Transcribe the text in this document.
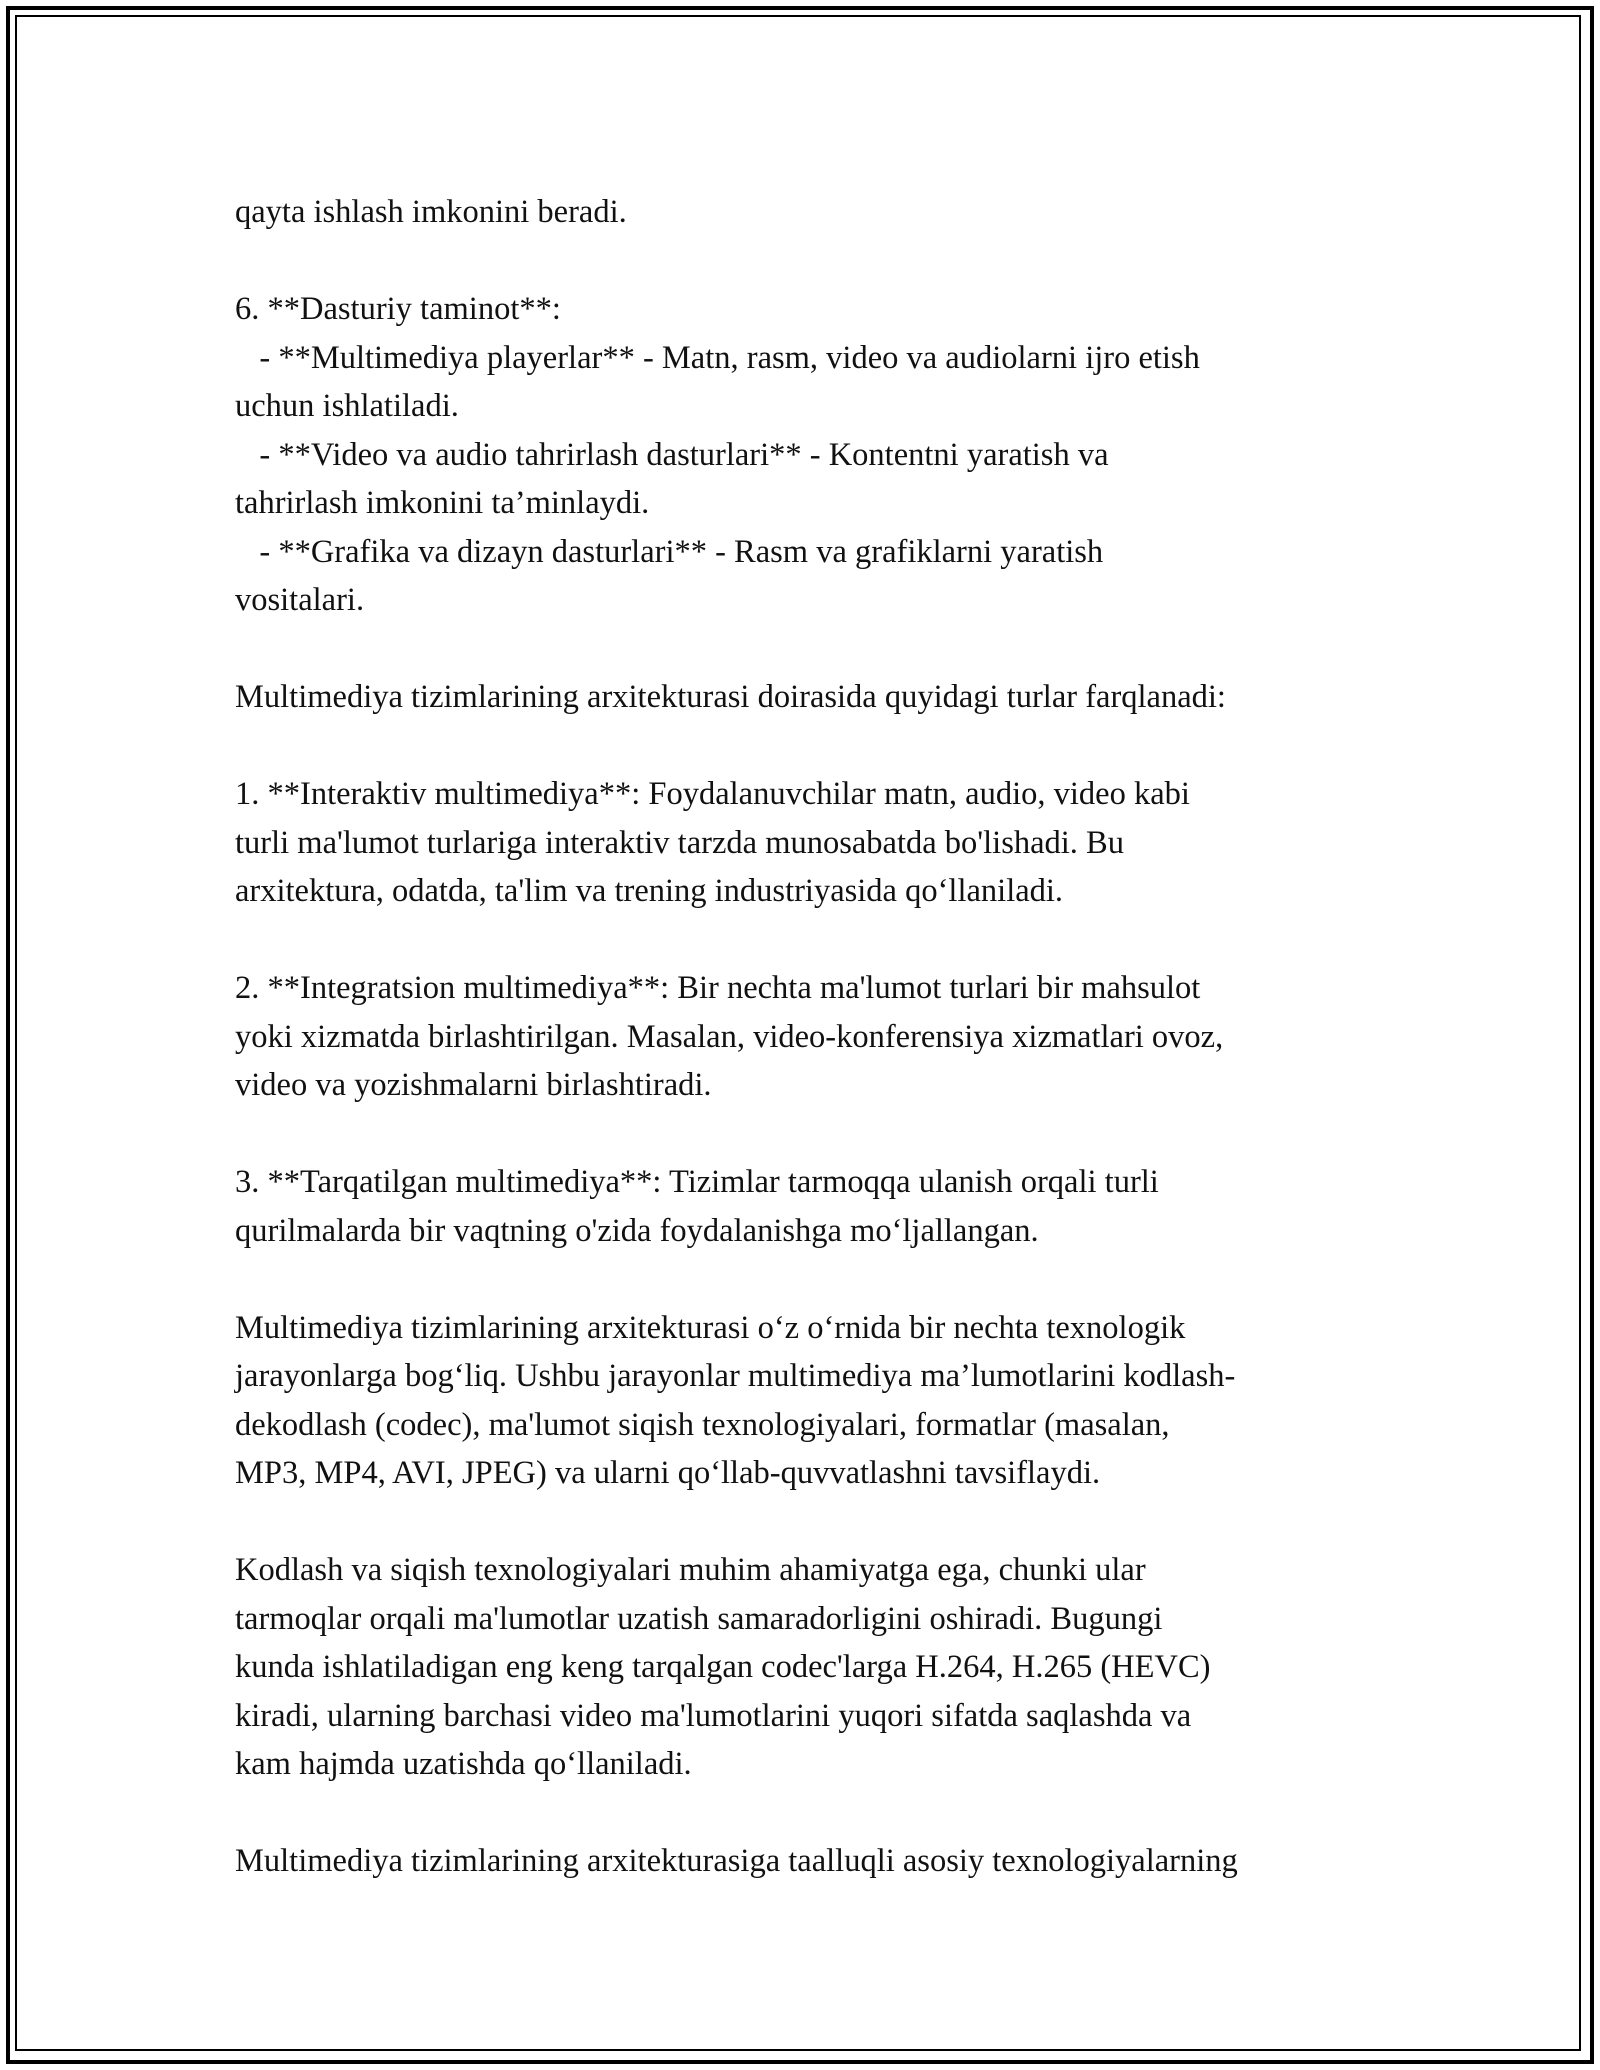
qayta ishlash imkonini beradi.
6. **Dasturiy taminot**:
- **Multimediya playerlar** - Matn, rasm, video va audiolarni ijro etish
uchun ishlatiladi.
- **Video va audio tahrirlash dasturlari** - Kontentni yaratish va
tahrirlash imkonini ta’minlaydi.
- **Grafika va dizayn dasturlari** - Rasm va grafiklarni yaratish
vositalari.
Multimediya tizimlarining arxitekturasi doirasida quyidagi turlar farqlanadi:
1. **Interaktiv multimediya**: Foydalanuvchilar matn, audio, video kabi
turli ma'lumot turlariga interaktiv tarzda munosabatda bo'lishadi. Bu
arxitektura, odatda, ta'lim va trening industriyasida qo‘llaniladi.
2. **Integratsion multimediya**: Bir nechta ma'lumot turlari bir mahsulot
yoki xizmatda birlashtirilgan. Masalan, video-konferensiya xizmatlari ovoz,
video va yozishmalarni birlashtiradi.
3. **Tarqatilgan multimediya**: Tizimlar tarmoqqa ulanish orqali turli
qurilmalarda bir vaqtning o'zida foydalanishga mo‘ljallangan.
Multimediya tizimlarining arxitekturasi o‘z o‘rnida bir nechta texnologik
jarayonlarga bog‘liq. Ushbu jarayonlar multimediya ma’lumotlarini kodlash-
dekodlash (codec), ma'lumot siqish texnologiyalari, formatlar (masalan,
MP3, MP4, AVI, JPEG) va ularni qo‘llab-quvvatlashni tavsiflaydi.
Kodlash va siqish texnologiyalari muhim ahamiyatga ega, chunki ular
tarmoqlar orqali ma'lumotlar uzatish samaradorligini oshiradi. Bugungi
kunda ishlatiladigan eng keng tarqalgan codec'larga H.264, H.265 (HEVC)
kiradi, ularning barchasi video ma'lumotlarini yuqori sifatda saqlashda va
kam hajmda uzatishda qo‘llaniladi.
Multimediya tizimlarining arxitekturasiga taalluqli asosiy texnologiyalarning
